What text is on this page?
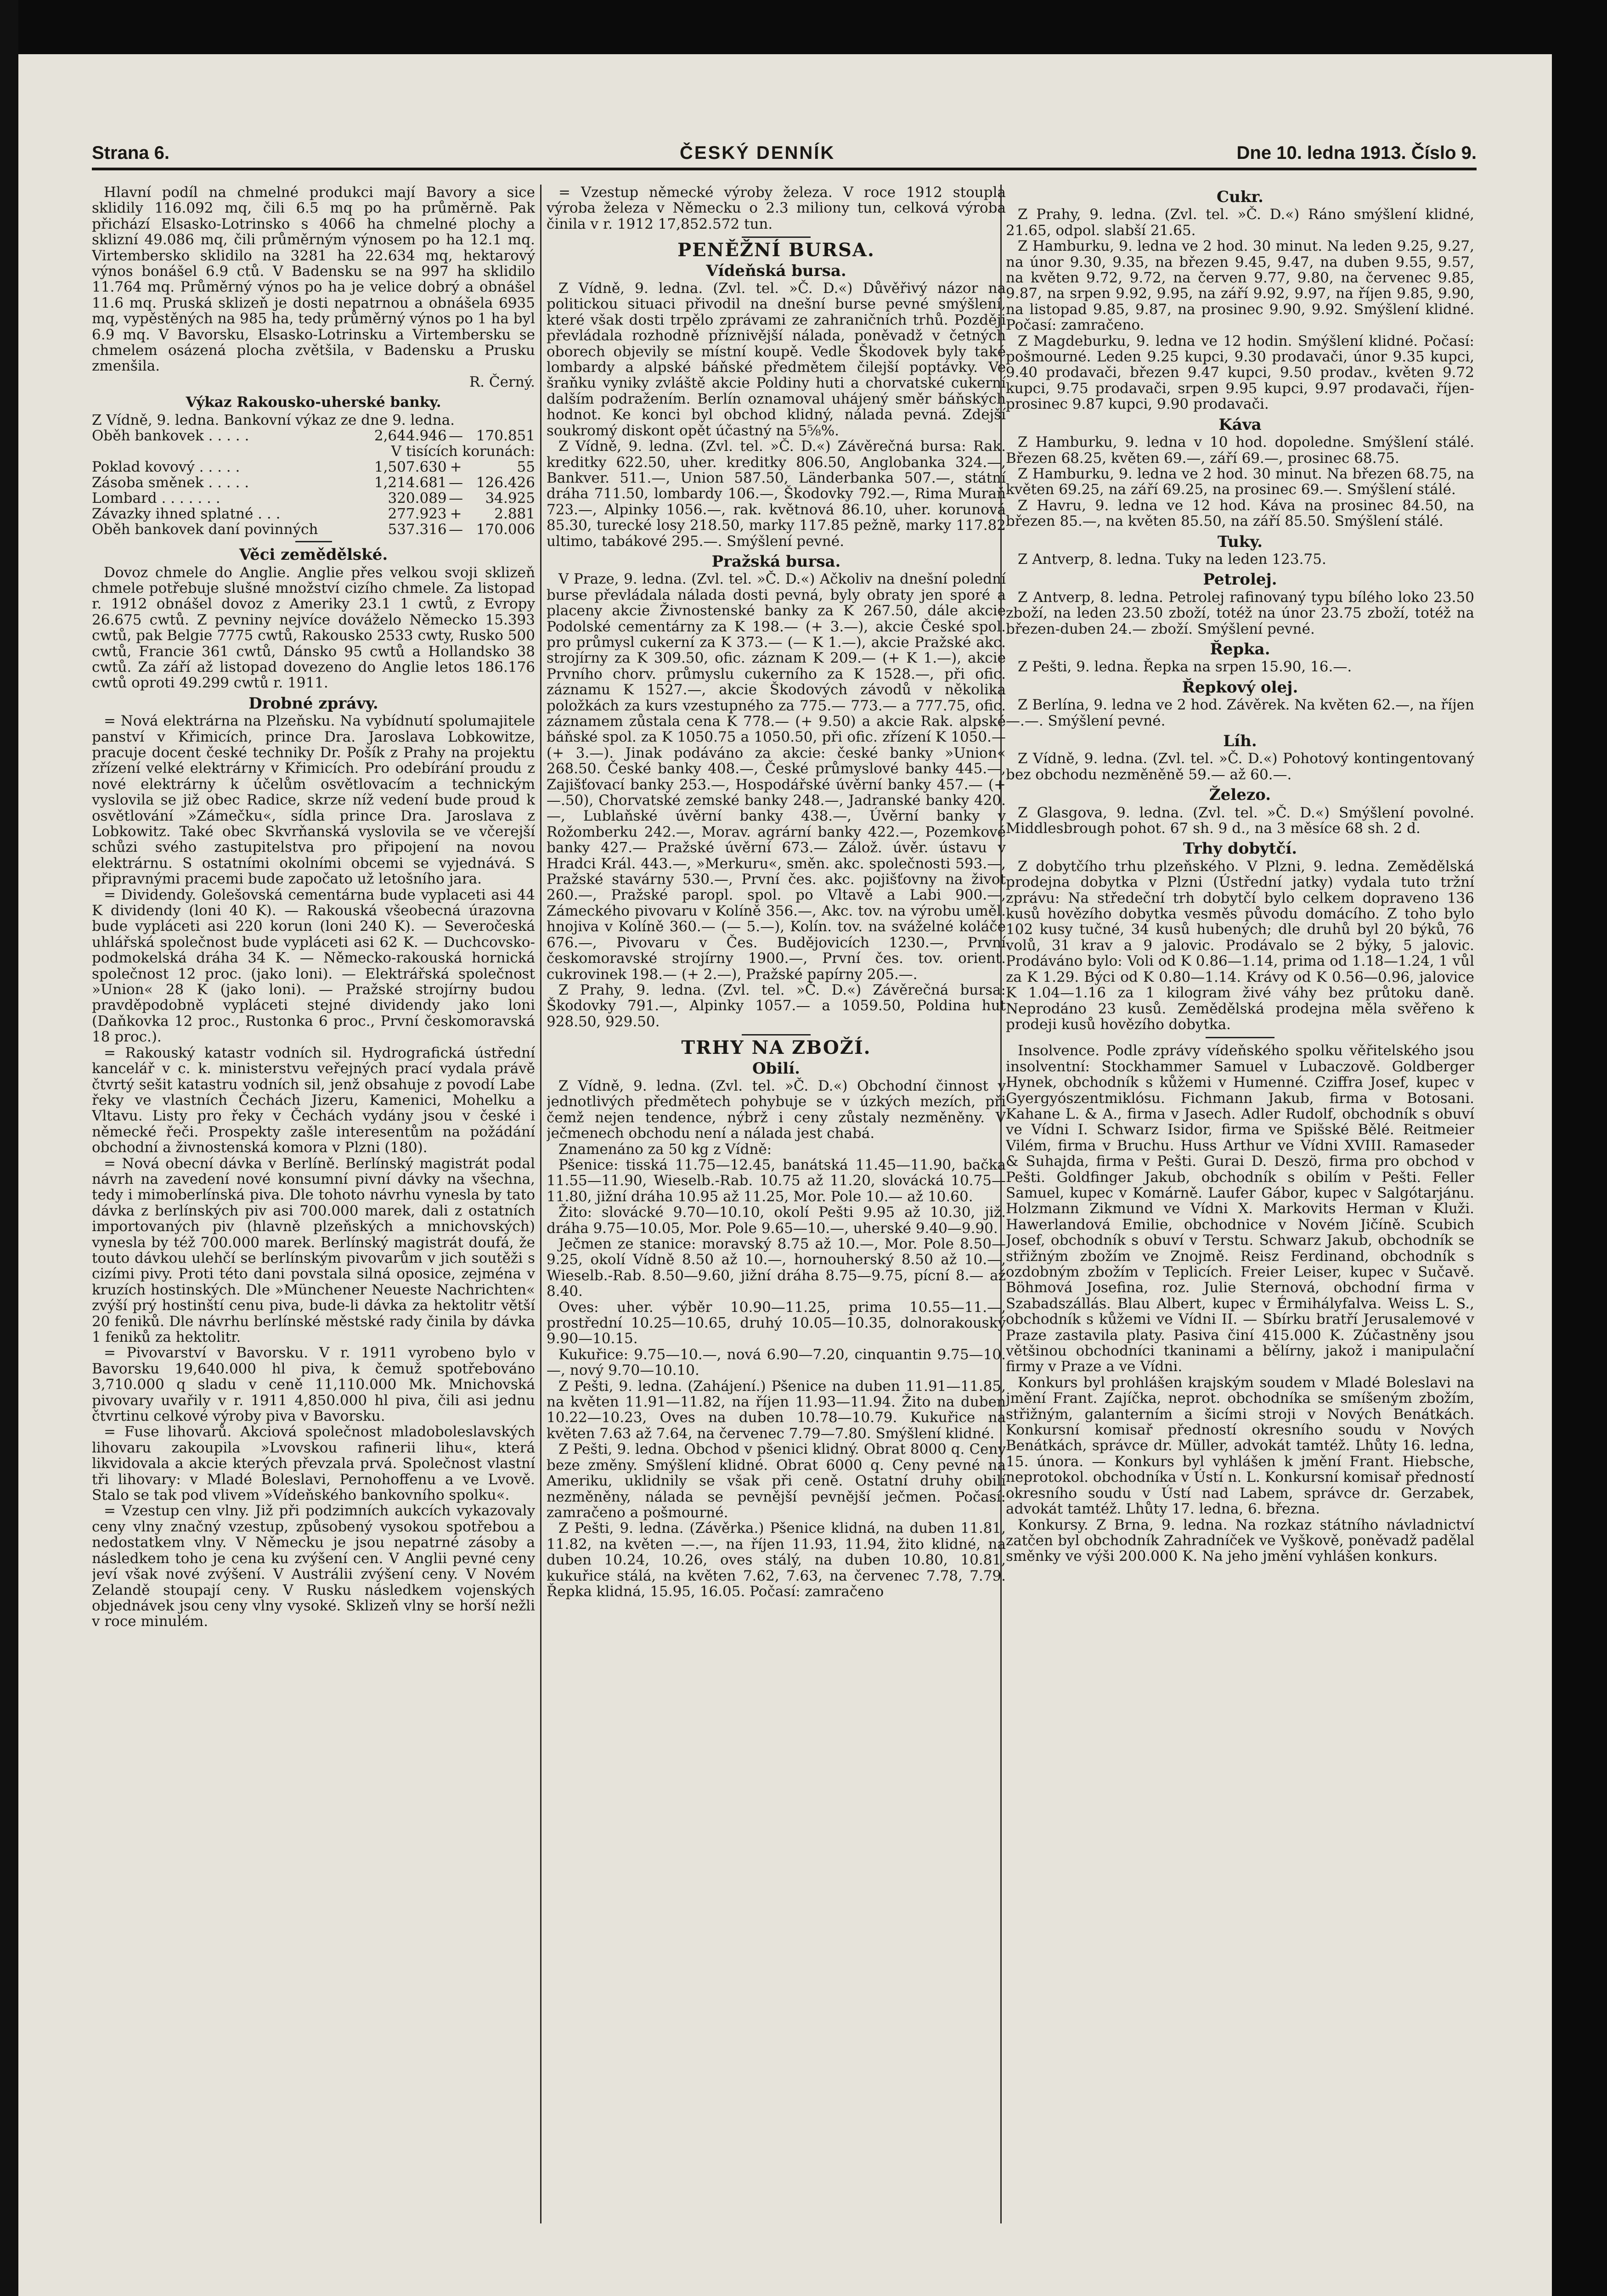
Strana 6.	ČESKÝ DENNÍK	Dne 10. ledna 1913. Číslo 9.

Hlavní podíl na chmelné produkci mají Bavory a sice sklidily 116.092 mq, čili 6.5 mq po ha průměrně. Pak přichází Elsasko-Lotrinsko s 4066 ha chmelné plochy a sklizní 49.086 mq, čili průměrným výnosem po ha 12.1 mq. Virtembersko sklidilo na 3281 ha 22.634 mq, hektarový výnos bonášel 6.9 ctů. V Badensku se na 997 ha sklidilo 11.764 mq. Průměrný výnos po ha je velice dobrý a obnášel 11.6 mq. Pruská sklizeň je dosti nepatrnou a obnášela 6935 mq, vypěstěných na 985 ha, tedy průměrný výnos po 1 ha byl 6.9 mq. V Bavorsku, Elsasko-Lotrinsku a Virtembersku se chmelem osázená plocha zvětšila, v Badensku a Prusku zmenšila.

R. Černý.

Výkaz Rakousko-uherské banky.

Z Vídně, 9. ledna. Bankovní výkaz ze dne 9. ledna.

Oběh bankovek . . . . .	2,644.946	—	170.851
	V tisících korunách:		
Poklad kovový . . . . .	1,507.630	+	55
Zásoba směnek . . . . .	1,214.681	—	126.426
Lombard . . . . . . .	320.089	—	34.925
Závazky ihned splatné . . .	277.923	+	2.881
Oběh bankovek daní povinných	537.316	—	170.006
Věci zemědělské.

Dovoz chmele do Anglie. Anglie přes velkou svoji sklizeň chmele potřebuje slušné množství cizího chmele. Za listopad r. 1912 obnášel dovoz z Ameriky 23.1 1 cwtů, z Evropy 26.675 cwtů. Z pevniny nejvíce dováželo Německo 15.393 cwtů, pak Belgie 7775 cwtů, Rakousko 2533 cwty, Rusko 500 cwtů, Francie 361 cwtů, Dánsko 95 cwtů a Hollandsko 38 cwtů. Za září až listopad dovezeno do Anglie letos 186.176 cwtů oproti 49.299 cwtů r. 1911.

Drobné zprávy.

= Nová elektrárna na Plzeňsku. Na vybídnutí spolumajitele panství v Křimicích, prince Dra. Jaroslava Lobkowitze, pracuje docent české techniky Dr. Pošík z Prahy na projektu zřízení velké elektrárny v Křimicích. Pro odebírání proudu z nové elektrárny k účelům osvětlovacím a technickým vyslovila se již obec Radice, skrze níž vedení bude proud k osvětlování »Zámečku«, sídla prince Dra. Jaroslava z Lobkowitz. Také obec Skvrňanská vyslovila se ve včerejší schůzi svého zastupitelstva pro připojení na novou elektrárnu. S ostatními okolními obcemi se vyjednává. S připravnými pracemi bude započato už letošního jara.

= Dividendy. Golešovská cementárna bude vyplaceti asi 44 K dividendy (loni 40 K). — Rakouská všeobecná úrazovna bude vypláceti asi 220 korun (loni 240 K). — Severočeská uhlářská společnost bude vypláceti asi 62 K. — Duchcovsko-podmokelská dráha 34 K. — Německo-rakouská hornická společnost 12 proc. (jako loni). — Elektrářská společnost »Union« 28 K (jako loni). — Pražské strojírny budou pravděpodobně vypláceti stejné dividendy jako loni (Daňkovka 12 proc., Rustonka 6 proc., První českomoravská 18 proc.).

= Rakouský katastr vodních sil. Hydrografická ústřední kancelář v c. k. ministerstvu veřejných prací vydala právě čtvrtý sešit katastru vodních sil, jenž obsahuje z povodí Labe řeky ve vlastních Čechách Jizeru, Kamenici, Mohelku a Vltavu. Listy pro řeky v Čechách vydány jsou v české i německé řeči. Prospekty zašle interesentům na požádání obchodní a živnostenská komora v Plzni (180).

= Nová obecní dávka v Berlíně. Berlínský magistrát podal návrh na zavedení nové konsumní pivní dávky na všechna, tedy i mimoberlínská piva. Dle tohoto návrhu vynesla by tato dávka z berlínských piv asi 700.000 marek, dali z ostatních importovaných piv (hlavně plzeňských a mnichovských) vynesla by též 700.000 marek. Berlínský magistrát doufá, že touto dávkou ulehčí se berlínským pivovarům v jich soutěži s cizími pivy. Proti této dani povstala silná oposice, zejména v kruzích hostinských. Dle »Münchener Neueste Nachrichten« zvýší prý hostinští cenu piva, bude-li dávka za hektolitr větší 20 feniků. Dle návrhu berlínské městské rady činila by dávka 1 feniků za hektolitr.

= Pivovarství v Bavorsku. V r. 1911 vyrobeno bylo v Bavorsku 19,640.000 hl piva, k čemuž spotřebováno 3,710.000 q sladu v ceně 11,110.000 Mk. Mnichovská pivovary uvařily v r. 1911 4,850.000 hl piva, čili asi jednu čtvrtinu celkové výroby piva v Bavorsku.

= Fuse lihovarů. Akciová společnost mladoboleslavských lihovaru zakoupila »Lvovskou rafinerii lihu«, která likvidovala a akcie kterých převzala prvá. Společnost vlastní tři lihovary: v Mladé Boleslavi, Pernohoffenu a ve Lvově. Stalo se tak pod vlivem »Vídeňského bankovního spolku«.

= Vzestup cen vlny. Již při podzimních aukcích vykazovaly ceny vlny značný vzestup, způsobený vysokou spotřebou a nedostatkem vlny. V Německu je jsou nepatrné zásoby a následkem toho je cena ku zvýšení cen. V Anglii pevné ceny jeví však nové zvýšení. V Austrálii zvýšení ceny. V Novém Zelandě stoupají ceny. V Rusku následkem vojenských objednávek jsou ceny vlny vysoké. Sklizeň vlny se horší nežli v roce minulém.

= Vzestup německé výroby železa. V roce 1912 stoupla výroba železa v Německu o 2.3 miliony tun, celková výroba činila v r. 1912 17,852.572 tun.

PENĚŽNÍ BURSA.
Vídeňská bursa.

Z Vídně, 9. ledna. (Zvl. tel. »Č. D.«) Důvěřivý názor na politickou situaci přivodil na dnešní burse pevné smýšlení, které však dosti trpělo zprávami ze zahraničních trhů. Později převládala rozhodně příznivější nálada, poněvadž v četných oborech objevily se místní koupě. Vedle Škodovek byly také lombardy a alpské báňské předmětem čilejší poptávky. Ve šraňku vyniky zvláště akcie Poldiny huti a chorvatské cukerní dalším podražením. Berlín oznamoval uhájený směr báňských hodnot. Ke konci byl obchod klidný, nálada pevná. Zdejší soukromý diskont opět účastný na 5⅝%.

Z Vídně, 9. ledna. (Zvl. tel. »Č. D.«) Závěrečná bursa: Rak. kreditky 622.50, uher. kreditky 806.50, Anglobanka 324.—, Bankver. 511.—, Union 587.50, Länderbanka 507.—, státní dráha 711.50, lombardy 106.—, Škodovky 792.—, Rima Muraň 723.—, Alpinky 1056.—, rak. květnová 86.10, uher. korunová 85.30, turecké losy 218.50, marky 117.85 pežně, marky 117.82 ultimo, tabákové 295.—. Smýšlení pevné.

Pražská bursa.

V Praze, 9. ledna. (Zvl. tel. »Č. D.«) Ačkoliv na dnešní polední burse převládala nálada dosti pevná, byly obraty jen sporé a placeny akcie Živnostenské banky za K 267.50, dále akcie Podolské cementárny za K 198.— (+ 3.—), akcie České spol. pro průmysl cukerní za K 373.— (— K 1.—), akcie Pražské akc. strojírny za K 309.50, ofic. záznam K 209.— (+ K 1.—), akcie Prvního chorv. průmyslu cukerního za K 1528.—, při ofic. záznamu K 1527.—, akcie Škodových závodů v několika položkách za kurs vzestupného za 775.— 773.— a 777.75, ofic. záznamem zůstala cena K 778.— (+ 9.50) a akcie Rak. alpské báňské spol. za K 1050.75 a 1050.50, při ofic. zřízení K 1050.— (+ 3.—). Jinak podáváno za akcie: české banky »Union« 268.50. České banky 408.—, České průmyslové banky 445.—, Zajišťovací banky 253.—, Hospodářské úvěrní banky 457.— (+ —.50), Chorvatské zemské banky 248.—, Jadranské banky 420.—, Lublaňské úvěrní banky 438.—, Úvěrní banky v Rožomberku 242.—, Morav. agrární banky 422.—, Pozemkové banky 427.— Pražské úvěrní 673.— Zálož. úvěr. ústavu v Hradci Král. 443.—, »Merkuru«, směn. akc. společnosti 593.—, Pražské stavárny 530.—, První čes. akc. pojišťovny na život 260.—, Pražské paropl. spol. po Vltavě a Labi 900.—, Zámeckého pivovaru v Kolíně 356.—, Akc. tov. na výrobu uměl. hnojiva v Kolíně 360.— (— 5.—), Kolín. tov. na sváželné koláče 676.—, Pivovaru v Čes. Budějovicích 1230.—, První českomoravské strojírny 1900.—, První čes. tov. orient. cukrovinek 198.— (+ 2.—), Pražské papírny 205.—.

Z Prahy, 9. ledna. (Zvl. tel. »Č. D.«) Závěrečná bursa: Škodovky 791.—, Alpinky 1057.— a 1059.50, Poldina hut 928.50, 929.50.

TRHY NA ZBOŽÍ.
Obilí.

Z Vídně, 9. ledna. (Zvl. tel. »Č. D.«) Obchodní činnost v jednotlivých předmětech pohybuje se v úzkých mezích, při čemž nejen tendence, nýbrž i ceny zůstaly nezměněny. V ječmenech obchodu není a nálada jest chabá.

Znamenáno za 50 kg z Vídně:

Pšenice: tisská 11.75—12.45, banátská 11.45—11.90, bačka 11.55—11.90, Wieselb.-Rab. 10.75 až 11.20, slovácká 10.75—11.80, jižní dráha 10.95 až 11.25, Mor. Pole 10.— až 10.60.

Žito: slovácké 9.70—10.10, okolí Pešti 9.95 až 10.30, již. dráha 9.75—10.05, Mor. Pole 9.65—10.—, uherské 9.40—9.90.

Ječmen ze stanice: moravský 8.75 až 10.—, Mor. Pole 8.50—9.25, okolí Vídně 8.50 až 10.—, hornouherský 8.50 až 10.—, Wieselb.-Rab. 8.50—9.60, jižní dráha 8.75—9.75, pícní 8.— až 8.40.

Oves: uher. výběr 10.90—11.25, prima 10.55—11.—, prostřední 10.25—10.65, druhý 10.05—10.35, dolnorakouský 9.90—10.15.

Kukuřice: 9.75—10.—, nová 6.90—7.20, cinquantin 9.75—10.—, nový 9.70—10.10.

Z Pešti, 9. ledna. (Zahájení.) Pšenice na duben 11.91—11.85, na květen 11.91—11.82, na říjen 11.93—11.94. Žito na duben 10.22—10.23, Oves na duben 10.78—10.79. Kukuřice na květen 7.63 až 7.64, na červenec 7.79—7.80. Smýšlení klidné.

Z Pešti, 9. ledna. Obchod v pšenici klidný. Obrat 8000 q. Ceny beze změny. Smýšlení klidné. Obrat 6000 q. Ceny pevné na Ameriku, uklidnily se však při ceně. Ostatní druhy obilí nezměněny, nálada se pevnější pevnější ječmen. Počasí: zamračeno a pošmourné.

Z Pešti, 9. ledna. (Závěrka.) Pšenice klidná, na duben 11.81, 11.82, na květen —.—, na říjen 11.93, 11.94, žito klidné, na duben 10.24, 10.26, oves stálý, na duben 10.80, 10.81, kukuřice stálá, na květen 7.62, 7.63, na červenec 7.78, 7.79. Řepka klidná, 15.95, 16.05. Počasí: zamračeno

Cukr.

Z Prahy, 9. ledna. (Zvl. tel. »Č. D.«) Ráno smýšlení klidné, 21.65, odpol. slabší 21.65.

Z Hamburku, 9. ledna ve 2 hod. 30 minut. Na leden 9.25, 9.27, na únor 9.30, 9.35, na březen 9.45, 9.47, na duben 9.55, 9.57, na květen 9.72, 9.72, na červen 9.77, 9.80, na červenec 9.85, 9.87, na srpen 9.92, 9.95, na září 9.92, 9.97, na říjen 9.85, 9.90, na listopad 9.85, 9.87, na prosinec 9.90, 9.92. Smýšlení klidné. Počasí: zamračeno.

Z Magdeburku, 9. ledna ve 12 hodin. Smýšlení klidné. Počasí: pošmourné. Leden 9.25 kupci, 9.30 prodavači, únor 9.35 kupci, 9.40 prodavači, březen 9.47 kupci, 9.50 prodav., květen 9.72 kupci, 9.75 prodavači, srpen 9.95 kupci, 9.97 prodavači, říjen-prosinec 9.87 kupci, 9.90 prodavači.

Káva

Z Hamburku, 9. ledna v 10 hod. dopoledne. Smýšlení stálé. Březen 68.25, květen 69.—, září 69.—, prosinec 68.75.

Z Hamburku, 9. ledna ve 2 hod. 30 minut. Na březen 68.75, na květen 69.25, na září 69.25, na prosinec 69.—. Smýšlení stálé.

Z Havru, 9. ledna ve 12 hod. Káva na prosinec 84.50, na březen 85.—, na květen 85.50, na září 85.50. Smýšlení stálé.

Tuky.

Z Antverp, 8. ledna. Tuky na leden 123.75.

Petrolej.

Z Antverp, 8. ledna. Petrolej rafinovaný typu bílého loko 23.50 zboží, na leden 23.50 zboží, totéž na únor 23.75 zboží, totéž na březen-duben 24.— zboží. Smýšlení pevné.

Řepka.

Z Pešti, 9. ledna. Řepka na srpen 15.90, 16.—.

Řepkový olej.

Z Berlína, 9. ledna ve 2 hod. Závěrek. Na květen 62.—, na říjen —.—. Smýšlení pevné.

Líh.

Z Vídně, 9. ledna. (Zvl. tel. »Č. D.«) Pohotový kontingentovaný bez obchodu nezměněně 59.— až 60.—.

Železo.

Z Glasgova, 9. ledna. (Zvl. tel. »Č. D.«) Smýšlení povolné. Middlesbrough pohot. 67 sh. 9 d., na 3 měsíce 68 sh. 2 d.

Trhy dobytčí.

Z dobytčího trhu plzeňského. V Plzni, 9. ledna. Zemědělská prodejna dobytka v Plzni (Ústřední jatky) vydala tuto tržní zprávu: Na středeční trh dobytčí bylo celkem dopraveno 136 kusů hovězího dobytka vesměs původu domácího. Z toho bylo 102 kusy tučné, 34 kusů hubených; dle druhů byl 20 býků, 76 volů, 31 krav a 9 jalovic. Prodávalo se 2 býky, 5 jalovic. Prodáváno bylo: Voli od K 0.86—1.14, prima od 1.18—1.24, 1 vůl za K 1.29. Býci od K 0.80—1.14. Krávy od K 0.56—0.96, jalovice K 1.04—1.16 za 1 kilogram živé váhy bez průtoku daně. Neprodáno 23 kusů. Zemědělská prodejna měla svěřeno k prodeji kusů hovězího dobytka.

Insolvence. Podle zprávy vídeňského spolku věřitelského jsou insolventní: Stockhammer Samuel v Lubaczově. Goldberger Hynek, obchodník s kůžemi v Humenné. Cziffra Josef, kupec v Gyergyószentmiklósu. Fichmann Jakub, firma v Botosani. Kahane L. & A., firma v Jasech. Adler Rudolf, obchodník s obuví ve Vídni I. Schwarz Isidor, firma ve Spišské Bělé. Reitmeier Vilém, firma v Bruchu. Huss Arthur ve Vídni XVIII. Ramaseder & Suhajda, firma v Pešti. Gurai D. Deszö, firma pro obchod v Pešti. Goldfinger Jakub, obchodník s obilím v Pešti. Feller Samuel, kupec v Komárně. Laufer Gábor, kupec v Salgótarjánu. Holzmann Zikmund ve Vídni X. Markovits Herman v Kluži. Hawerlandová Emilie, obchodnice v Novém Jičíně. Scubich Josef, obchodník s obuví v Terstu. Schwarz Jakub, obchodník se střižným zbožím ve Znojmě. Reisz Ferdinand, obchodník s ozdobným zbožím v Teplicích. Freier Leiser, kupec v Sučavě. Böhmová Josefina, roz. Julie Sternová, obchodní firma v Szabadszállás. Blau Albert, kupec v Érmihályfalva. Weiss L. S., obchodník s kůžemi ve Vídni II. — Sbírku bratří Jerusalemové v Praze zastavila platy. Pasiva činí 415.000 K. Zúčastněny jsou většinou obchodníci tkaninami a bělírny, jakož i manipulační firmy v Praze a ve Vídni.

Konkurs byl prohlášen krajským soudem v Mladé Boleslavi na jmění Frant. Zajíčka, neprot. obchodníka se smíšeným zbožím, střižným, galanterním a šicími stroji v Nových Benátkách. Konkursní komisař předností okresního soudu v Nových Benátkách, správce dr. Müller, advokát tamtéž. Lhůty 16. ledna, 15. února. — Konkurs byl vyhlášen k jmění Frant. Hiebsche, neprotokol. obchodníka v Ústí n. L. Konkursní komisař předností okresního soudu v Ústí nad Labem, správce dr. Gerzabek, advokát tamtéž. Lhůty 17. ledna, 6. března.

Konkursy. Z Brna, 9. ledna. Na rozkaz státního návladnictví zatčen byl obchodník Zahradníček ve Vyškově, poněvadž padělal směnky ve výši 200.000 K. Na jeho jmění vyhlášen konkurs.
